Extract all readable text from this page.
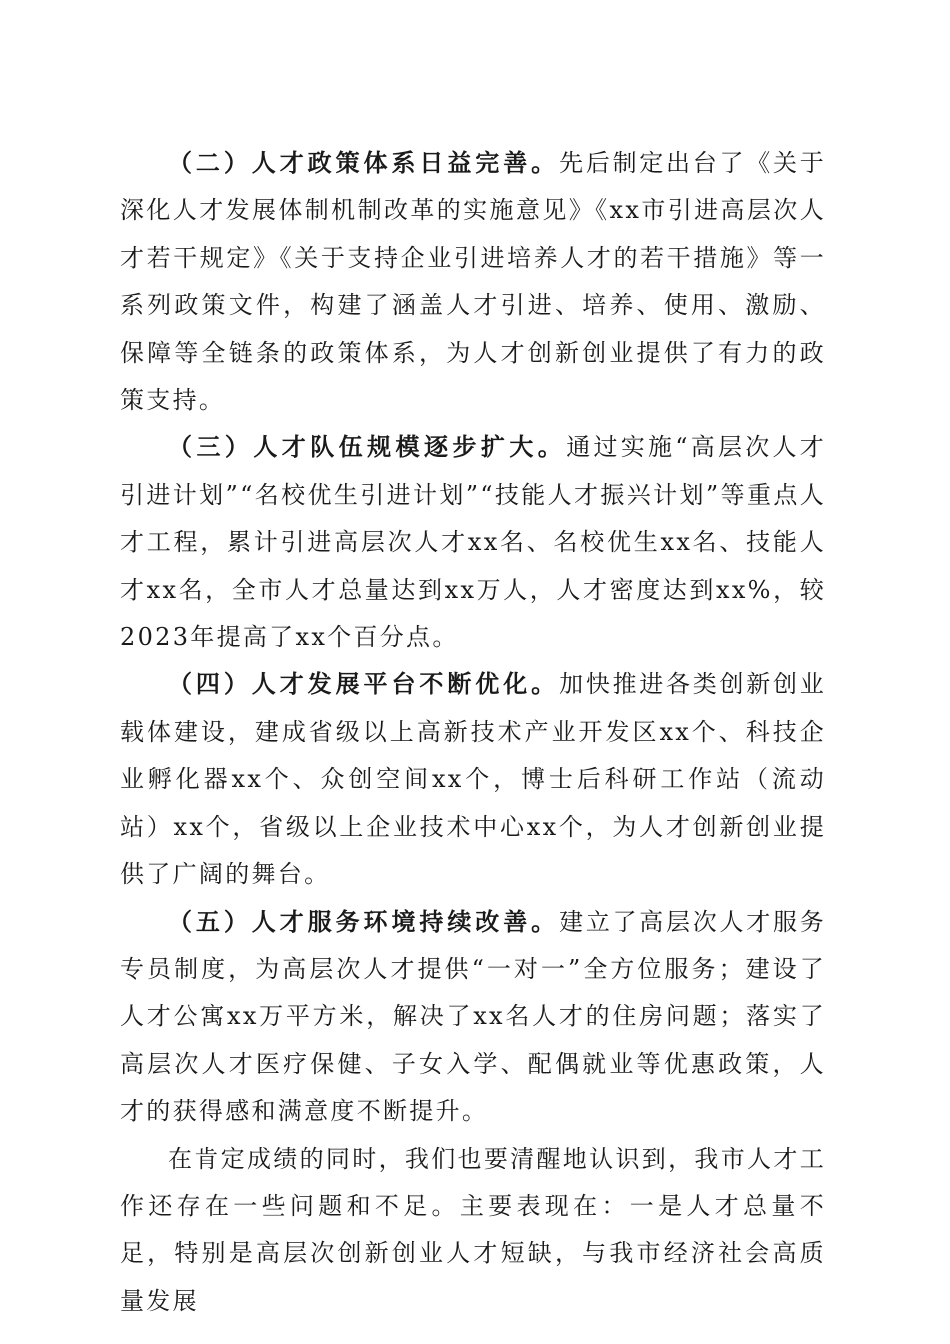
（二）人才政策体系日益完善。先后制定出台了《关于深化人才发展体制机制改革的实施意见》《xx市引进高层次人才若干规定》《关于支持企业引进培养人才的若干措施》等一系列政策文件，构建了涵盖人才引进、培养、使用、激励、保障等全链条的政策体系，为人才创新创业提供了有力的政策支持。

（三）人才队伍规模逐步扩大。通过实施“高层次人才引进计划”“名校优生引进计划”“技能人才振兴计划”等重点人才工程，累计引进高层次人才xx名、名校优生xx名、技能人才xx名，全市人才总量达到xx万人，人才密度达到xx%，较2023年提高了xx个百分点。

（四）人才发展平台不断优化。加快推进各类创新创业载体建设，建成省级以上高新技术产业开发区xx个、科技企业孵化器xx个、众创空间xx个，博士后科研工作站（流动站）xx个，省级以上企业技术中心xx个，为人才创新创业提供了广阔的舞台。

（五）人才服务环境持续改善。建立了高层次人才服务专员制度，为高层次人才提供“一对一”全方位服务；建设了人才公寓xx万平方米，解决了xx名人才的住房问题；落实了高层次人才医疗保健、子女入学、配偶就业等优惠政策，人才的获得感和满意度不断提升。

在肯定成绩的同时，我们也要清醒地认识到，我市人才工作还存在一些问题和不足。主要表现在：一是人才总量不足，特别是高层次创新创业人才短缺，与我市经济社会高质量发展
